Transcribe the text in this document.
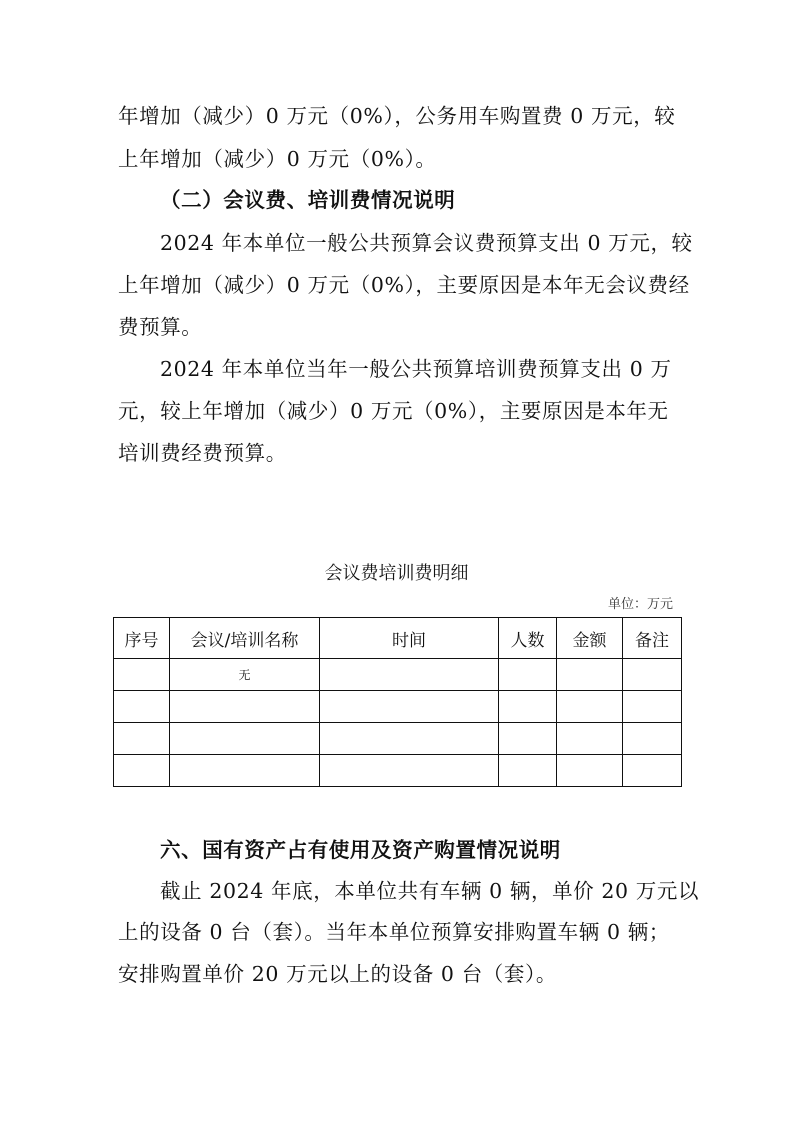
年增加（减少）0 万元（0%），公务用车购置费 0 万元，较
上年增加（减少）0 万元（0%）。
（二）会议费、培训费情况说明
2024 年本单位一般公共预算会议费预算支出 0 万元，较
上年增加（减少）0 万元（0%），主要原因是本年无会议费经
费预算。
2024 年本单位当年一般公共预算培训费预算支出 0 万
元，较上年增加（减少）0 万元（0%），主要原因是本年无
培训费经费预算。
会议费培训费明细
单位：万元
序号	会议/培训名称	时间	人数	金额	备注
	无				

六、国有资产占有使用及资产购置情况说明
截止 2024 年底，本单位共有车辆 0 辆，单价 20 万元以
上的设备 0 台（套）。当年本单位预算安排购置车辆 0 辆；
安排购置单价 20 万元以上的设备 0 台（套）。
